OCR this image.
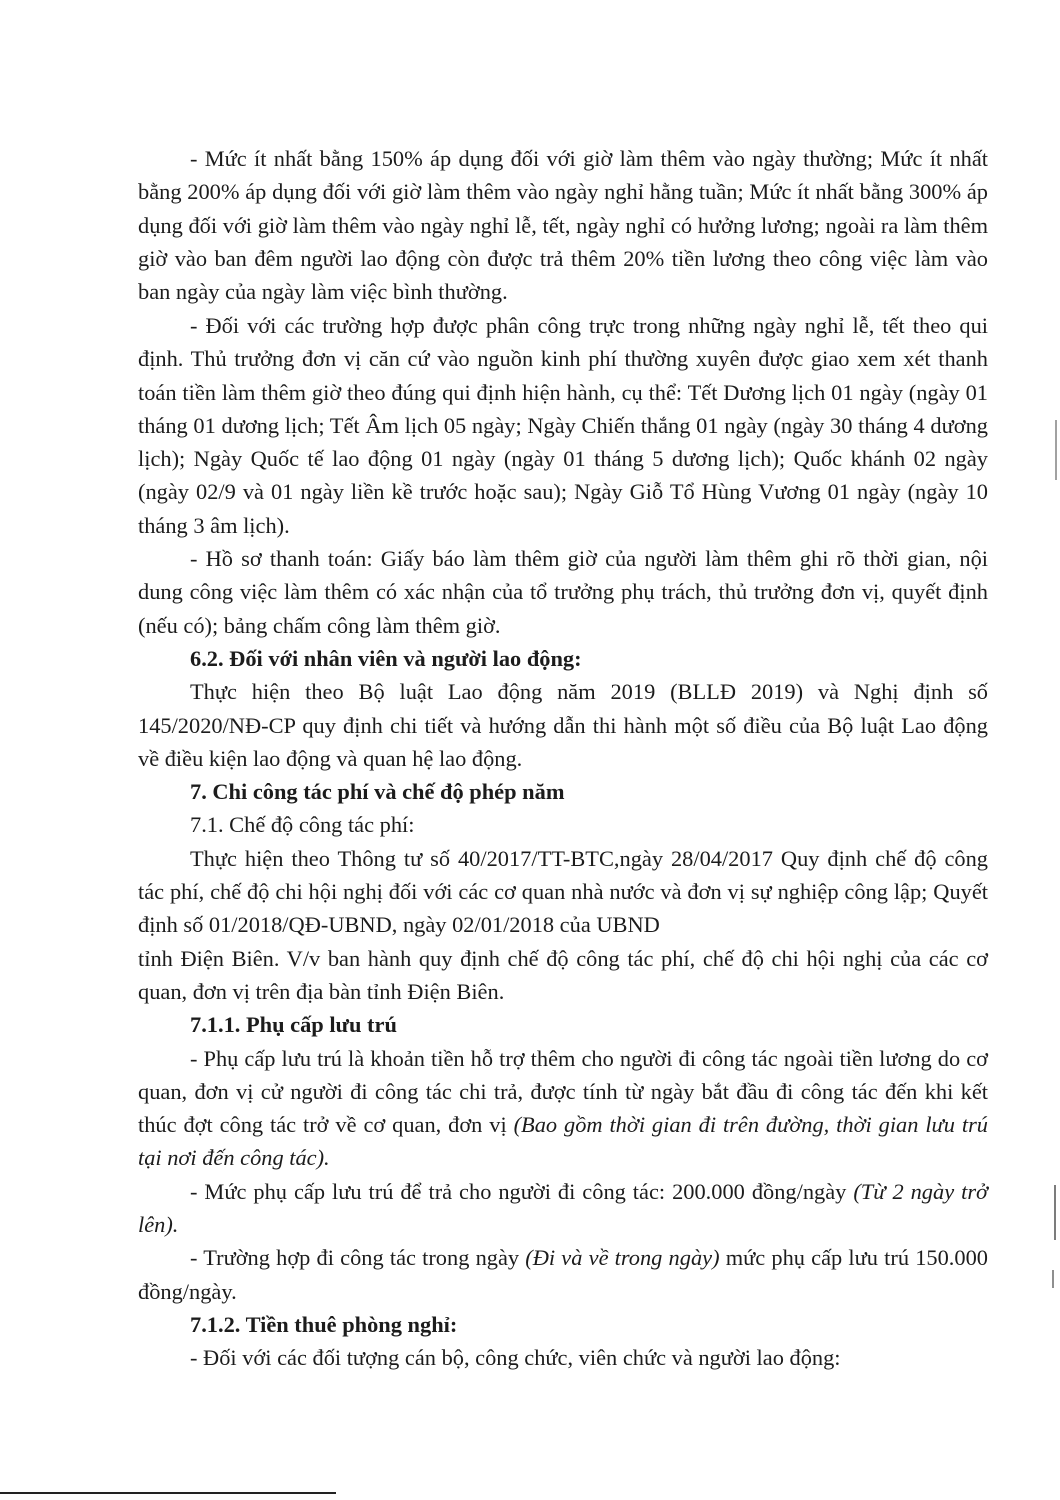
- Mức ít nhất bằng 150% áp dụng đối với giờ làm thêm vào ngày thường; Mức ít nhất bằng 200% áp dụng đối với giờ làm thêm vào ngày nghỉ hằng tuần; Mức ít nhất bằng 300% áp dụng đối với giờ làm thêm vào ngày nghỉ lễ, tết, ngày nghỉ có hưởng lương; ngoài ra làm thêm giờ vào ban đêm người lao động còn được trả thêm 20% tiền lương theo công việc làm vào ban ngày của ngày làm việc bình thường.

- Đối với các trường hợp được phân công trực trong những ngày nghỉ lễ, tết theo qui định. Thủ trưởng đơn vị căn cứ vào nguồn kinh phí thường xuyên được giao xem xét thanh toán tiền làm thêm giờ theo đúng qui định hiện hành, cụ thể: Tết Dương lịch 01 ngày (ngày 01 tháng 01 dương lịch; Tết Âm lịch 05 ngày; Ngày Chiến thắng 01 ngày (ngày 30 tháng 4 dương lịch); Ngày Quốc tế lao động 01 ngày (ngày 01 tháng 5 dương lịch); Quốc khánh 02 ngày (ngày 02/9 và 01 ngày liền kề trước hoặc sau); Ngày Giỗ Tổ Hùng Vương 01 ngày (ngày 10 tháng 3 âm lịch).

- Hồ sơ thanh toán: Giấy báo làm thêm giờ của người làm thêm ghi rõ thời gian, nội dung công việc làm thêm có xác nhận của tổ trưởng phụ trách, thủ trưởng đơn vị, quyết định (nếu có); bảng chấm công làm thêm giờ.

6.2. Đối với nhân viên và người lao động:

Thực hiện theo Bộ luật Lao động năm 2019 (BLLĐ 2019) và Nghị định số 145/2020/NĐ-CP quy định chi tiết và hướng dẫn thi hành một số điều của Bộ luật Lao động về điều kiện lao động và quan hệ lao động.

7. Chi công tác phí và chế độ phép năm

7.1. Chế độ công tác phí:

Thực hiện theo Thông tư số 40/2017/TT-BTC,ngày 28/04/2017 Quy định chế độ công tác phí, chế độ chi hội nghị đối với các cơ quan nhà nước và đơn vị sự nghiệp công lập; Quyết định số 01/2018/QĐ-UBND, ngày 02/01/2018 của UBND

tỉnh Điện Biên. V/v ban hành quy định chế độ công tác phí, chế độ chi hội nghị của các cơ quan, đơn vị trên địa bàn tỉnh Điện Biên.

7.1.1. Phụ cấp lưu trú

- Phụ cấp lưu trú là khoản tiền hỗ trợ thêm cho người đi công tác ngoài tiền lương do cơ quan, đơn vị cử người đi công tác chi trả, được tính từ ngày bắt đầu đi công tác đến khi kết thúc đợt công tác trở về cơ quan, đơn vị (Bao gồm thời gian đi trên đường, thời gian lưu trú tại nơi đến công tác).

- Mức phụ cấp lưu trú để trả cho người đi công tác: 200.000 đồng/ngày (Từ 2 ngày trở lên).

- Trường hợp đi công tác trong ngày (Đi và về trong ngày) mức phụ cấp lưu trú 150.000 đồng/ngày.

7.1.2. Tiền thuê phòng nghỉ:

- Đối với các đối tượng cán bộ, công chức, viên chức và người lao động:
